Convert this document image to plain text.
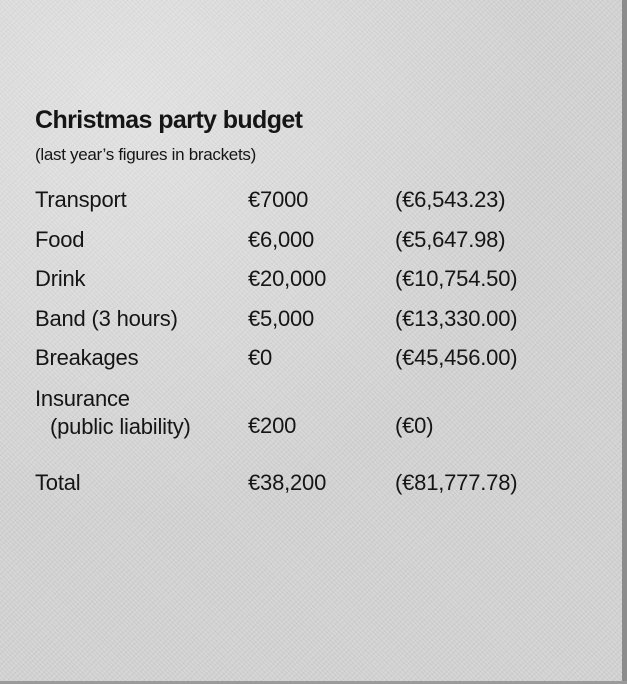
Christmas party budget
(last year’s figures in brackets)
Transport	€7000	(€6,543.23)
Food	€6,000	(€5,647.98)
Drink	€20,000	(€10,754.50)
Band (3 hours)	€5,000	(€13,330.00)
Breakages	€0	(€45,456.00)
Insurance
(public liability)	€200	(€0)
Total	€38,200	(€81,777.78)
